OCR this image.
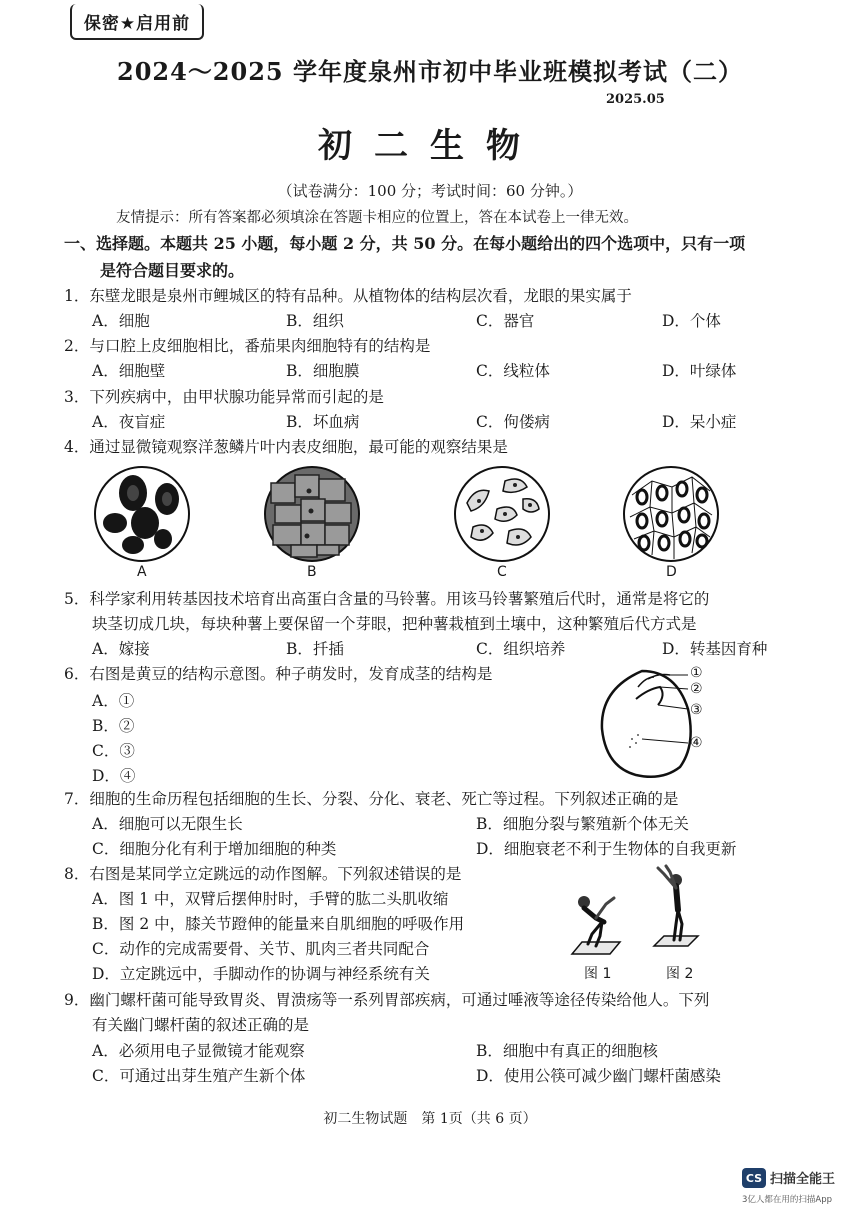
保密★启用前
2024～2025 学年度泉州市初中毕业班模拟考试（二）
2025.05
初二生物
（试卷满分：100 分；考试时间：60 分钟。）
友情提示：所有答案都必须填涂在答题卡相应的位置上，答在本试卷上一律无效。
一、选择题。本题共 25 小题，每小题 2 分，共 50 分。在每小题给出的四个选项中，只有一项
是符合题目要求的。
1．东壁龙眼是泉州市鲤城区的特有品种。从植物体的结构层次看，龙眼的果实属于
A．细胞	B．组织	C．器官	D．个体
2．与口腔上皮细胞相比，番茄果肉细胞特有的结构是
A．细胞壁	B．细胞膜	C．线粒体	D．叶绿体
3．下列疾病中，由甲状腺功能异常而引起的是
A．夜盲症	B．坏血病	C．佝偻病	D．呆小症
4．通过显微镜观察洋葱鳞片叶内表皮细胞，最可能的观察结果是
A	B	C	D
5．科学家利用转基因技术培育出高蛋白含量的马铃薯。用该马铃薯繁殖后代时，通常是将它的
块茎切成几块，每块种薯上要保留一个芽眼，把种薯栽植到土壤中，这种繁殖后代方式是
A．嫁接	B．扦插	C．组织培养	D．转基因育种
6．右图是黄豆的结构示意图。种子萌发时，发育成茎的结构是
A．①
B．②
C．③
D．④
①
②
③
④
7．细胞的生命历程包括细胞的生长、分裂、分化、衰老、死亡等过程。下列叙述正确的是
A．细胞可以无限生长	B．细胞分裂与繁殖新个体无关
C．细胞分化有利于增加细胞的种类	D．细胞衰老不利于生物体的自我更新
8．右图是某同学立定跳远的动作图解。下列叙述错误的是
A．图 1 中，双臂后摆伸肘时，手臂的肱二头肌收缩
B．图 2 中，膝关节蹬伸的能量来自肌细胞的呼吸作用
C．动作的完成需要骨、关节、肌肉三者共同配合
D．立定跳远中，手脚动作的协调与神经系统有关	图 1	图 2
9．幽门螺杆菌可能导致胃炎、胃溃疡等一系列胃部疾病，可通过唾液等途径传染给他人。下列
有关幽门螺杆菌的叙述正确的是
A．必须用电子显微镜才能观察	B．细胞中有真正的细胞核
C．可通过出芽生殖产生新个体	D．使用公筷可减少幽门螺杆菌感染
初二生物试题　第 1页（共 6 页）
CS 扫描全能王
3亿人都在用的扫描App
